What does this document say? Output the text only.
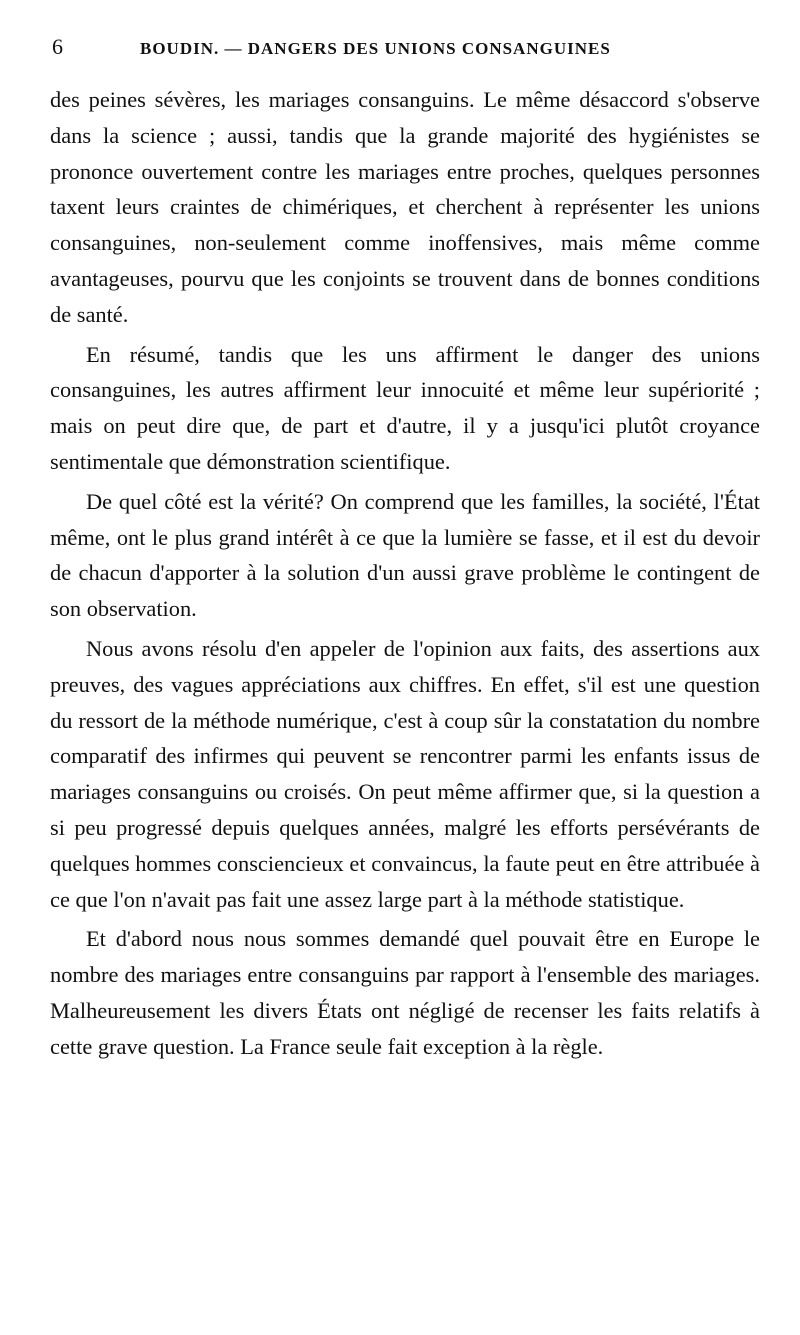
6	BOUDIN. — DANGERS DES UNIONS CONSANGUINES

des peines sévères, les mariages consanguins. Le même désaccord s'observe dans la science ; aussi, tandis que la grande majorité des hygiénistes se prononce ouvertement contre les mariages entre proches, quelques personnes taxent leurs craintes de chimériques, et cherchent à représenter les unions consanguines, non-seulement comme inoffensives, mais même comme avantageuses, pourvu que les conjoints se trouvent dans de bonnes conditions de santé.

En résumé, tandis que les uns affirment le danger des unions consanguines, les autres affirment leur innocuité et même leur supériorité ; mais on peut dire que, de part et d'autre, il y a jusqu'ici plutôt croyance sentimentale que démonstration scientifique.

De quel côté est la vérité? On comprend que les familles, la société, l'État même, ont le plus grand intérêt à ce que la lumière se fasse, et il est du devoir de chacun d'apporter à la solution d'un aussi grave problème le contingent de son observation.

Nous avons résolu d'en appeler de l'opinion aux faits, des assertions aux preuves, des vagues appréciations aux chiffres. En effet, s'il est une question du ressort de la méthode numérique, c'est à coup sûr la constatation du nombre comparatif des infirmes qui peuvent se rencontrer parmi les enfants issus de mariages consanguins ou croisés. On peut même affirmer que, si la question a si peu progressé depuis quelques années, malgré les efforts persévérants de quelques hommes consciencieux et convaincus, la faute peut en être attribuée à ce que l'on n'avait pas fait une assez large part à la méthode statistique.

Et d'abord nous nous sommes demandé quel pouvait être en Europe le nombre des mariages entre consanguins par rapport à l'ensemble des mariages. Malheureusement les divers États ont négligé de recenser les faits relatifs à cette grave question. La France seule fait exception à la règle.
